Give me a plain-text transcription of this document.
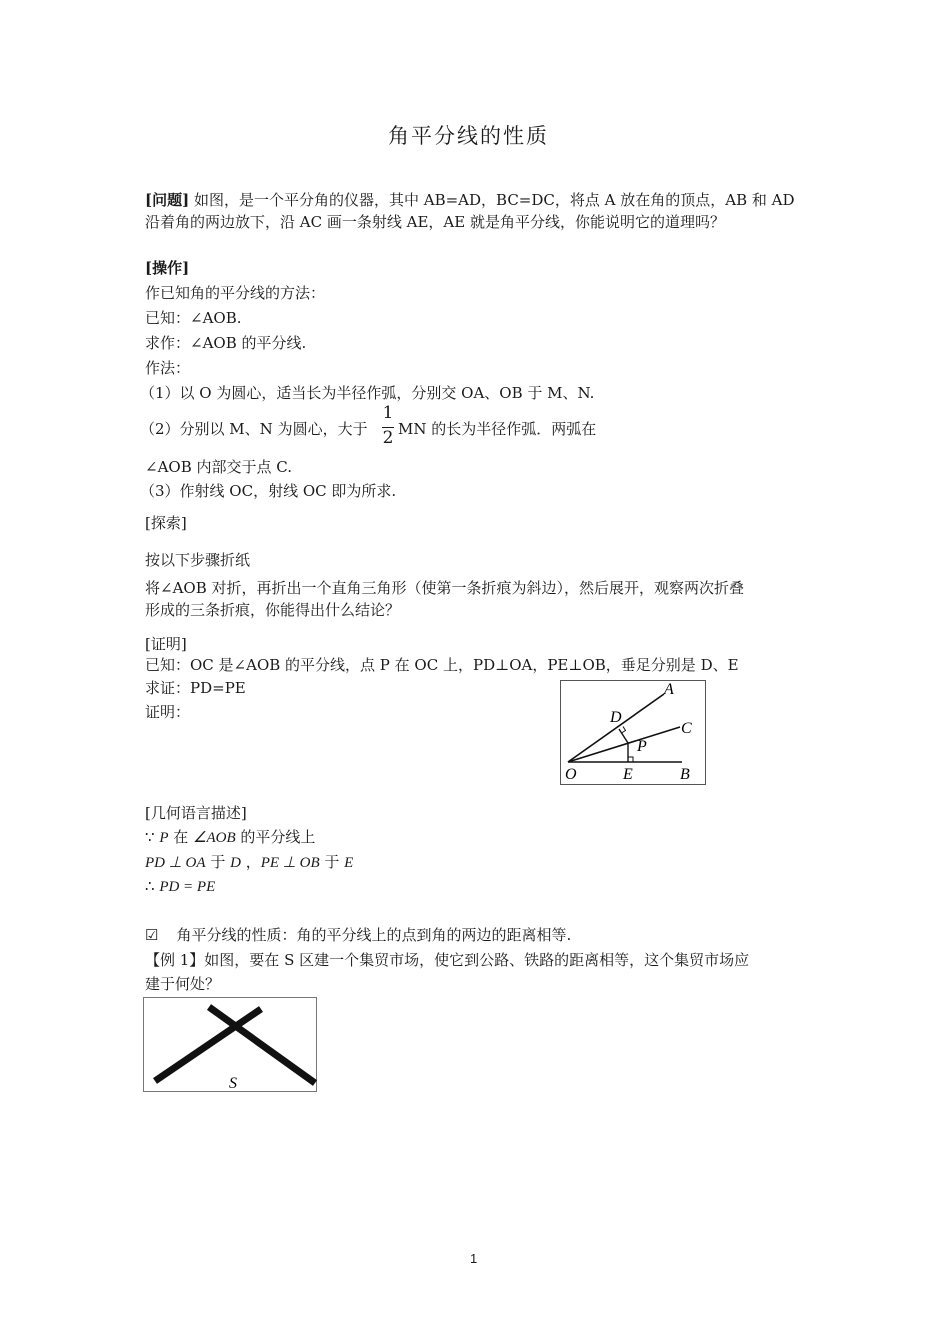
角平分线的性质
[问题] 如图，是一个平分角的仪器，其中 AB=AD，BC=DC，将点 A 放在角的顶点，AB 和 AD
沿着角的两边放下，沿 AC 画一条射线 AE，AE 就是角平分线，你能说明它的道理吗？
[操作]
作已知角的平分线的方法：
已知：∠AOB.
求作：∠AOB 的平分线.
作法：
（1）以 O 为圆心，适当长为半径作弧，分别交 OA、OB 于 M、N.
（2）分别以 M、N 为圆心，大于
1
2 MN 的长为半径作弧．两弧在
∠AOB 内部交于点 C.
（3）作射线 OC，射线 OC 即为所求.
[探索]
按以下步骤折纸
将∠AOB 对折，再折出一个直角三角形（使第一条折痕为斜边），然后展开，观察两次折叠
形成的三条折痕，你能得出什么结论？
[证明]
已知：OC 是∠AOB 的平分线，点 P 在 OC 上，PD⊥OA，PE⊥OB，垂足分别是 D、E
求证：PD=PE
证明：
A
D
C
P
O	E	B
[几何语言描述]
∵ P 在 ∠AOB 的平分线上
PD ⊥ OA 于 D ，PE ⊥ OB 于 E
∴ PD = PE
☑ 角平分线的性质：角的平分线上的点到角的两边的距离相等.
【例 1】如图，要在 S 区建一个集贸市场，使它到公路、铁路的距离相等，这个集贸市场应
建于何处？
S
1
